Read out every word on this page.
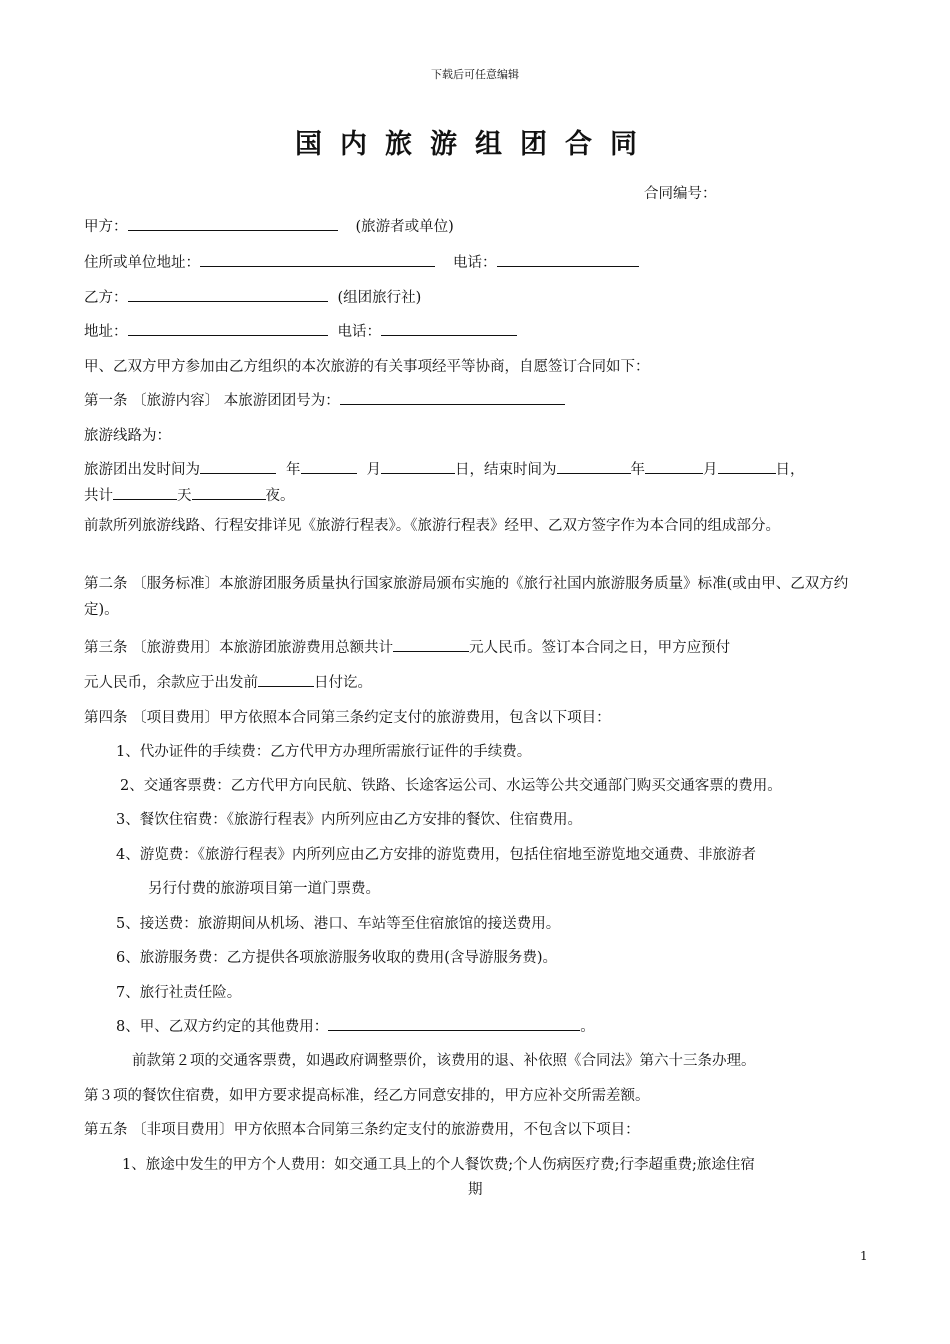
下载后可任意编辑
国内旅游组团合同
合同编号：
甲方：	(旅游者或单位)
住所或单位地址：	电话：
乙方：	(组团旅行社)
地址：	电话：
甲、乙双方甲方参加由乙方组织的本次旅游的有关事项经平等协商，自愿签订合同如下：
第一条 〔旅游内容〕 本旅游团团号为：
旅游线路为：
旅游团出发时间为	年	月	日，结束时间为	年	月	日，
共计	天	夜。
前款所列旅游线路、行程安排详见《旅游行程表》。《旅游行程表》经甲、乙双方签字作为本合同的组成部分。
第二条 〔服务标准〕本旅游团服务质量执行国家旅游局颁布实施的《旅行社国内旅游服务质量》标准(或由甲、乙双方约定)。
第三条 〔旅游费用〕本旅游团旅游费用总额共计	元人民币。签订本合同之日，甲方应预付
元人民币，余款应于出发前	日付讫。
第四条 〔项目费用〕甲方依照本合同第三条约定支付的旅游费用，包含以下项目：
1、代办证件的手续费：乙方代甲方办理所需旅行证件的手续费。
2、交通客票费：乙方代甲方向民航、铁路、长途客运公司、水运等公共交通部门购买交通客票的费用。
3、餐饮住宿费：《旅游行程表》内所列应由乙方安排的餐饮、住宿费用。
4、游览费：《旅游行程表》内所列应由乙方安排的游览费用，包括住宿地至游览地交通费、非旅游者
另行付费的旅游项目第一道门票费。
5、接送费：旅游期间从机场、港口、车站等至住宿旅馆的接送费用。
6、旅游服务费：乙方提供各项旅游服务收取的费用(含导游服务费)。
7、旅行社责任险。
8、甲、乙双方约定的其他费用：	。
前款第２项的交通客票费，如遇政府调整票价，该费用的退、补依照《合同法》第六十三条办理。
第３项的餐饮住宿费，如甲方要求提高标准，经乙方同意安排的，甲方应补交所需差额。
第五条 〔非项目费用〕甲方依照本合同第三条约定支付的旅游费用，不包含以下项目：
1、旅途中发生的甲方个人费用：如交通工具上的个人餐饮费;个人伤病医疗费;行李超重费;旅途住宿
期
1
